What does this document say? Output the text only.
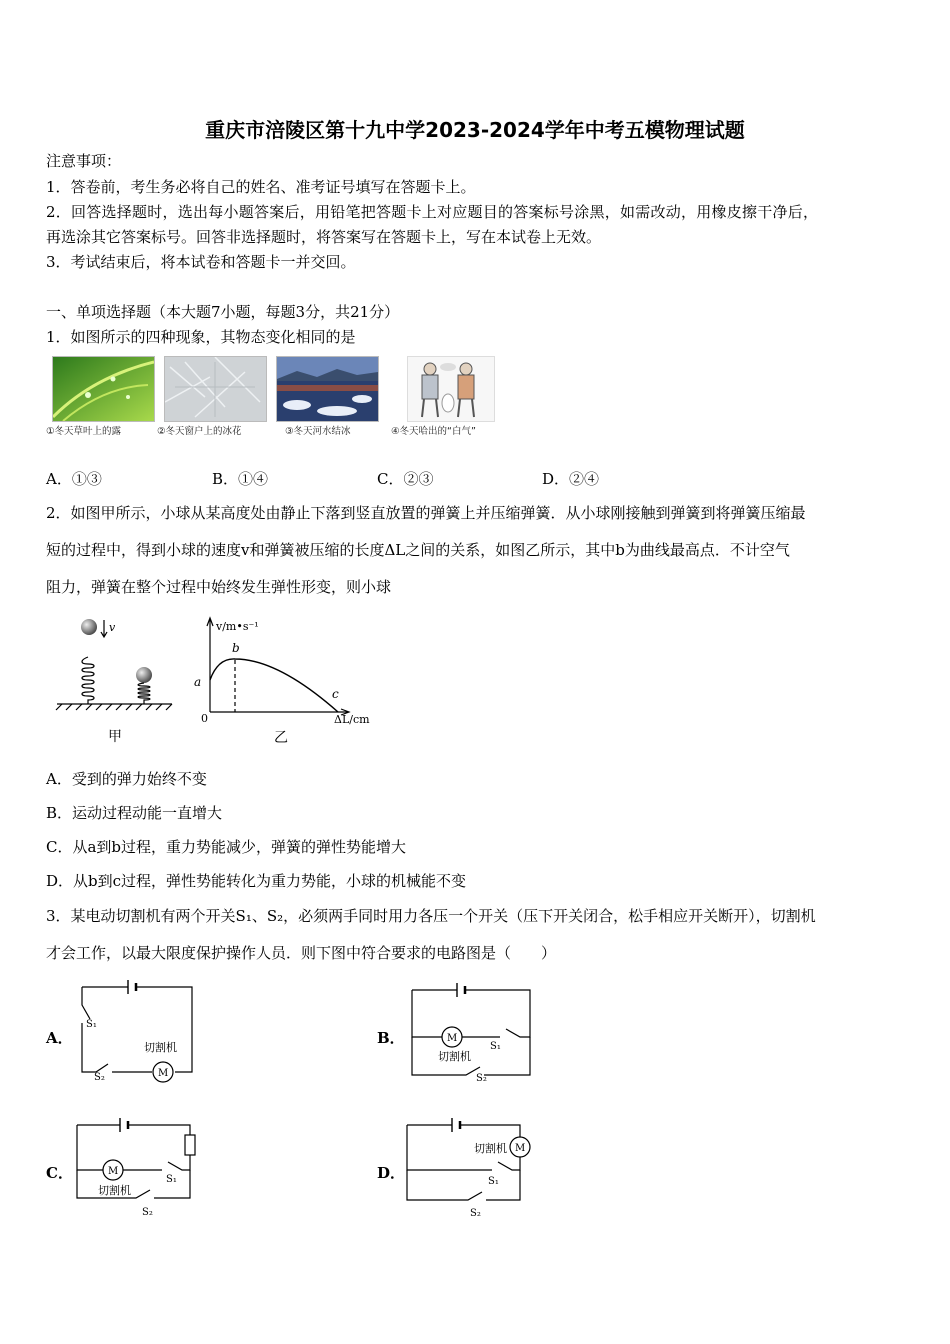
重庆市涪陵区第十九中学2023-2024学年中考五模物理试题
注意事项：
1．答卷前，考生务必将自己的姓名、准考证号填写在答题卡上。
2．回答选择题时，选出每小题答案后，用铅笔把答题卡上对应题目的答案标号涂黑，如需改动，用橡皮擦干净后，
再选涂其它答案标号。回答非选择题时，将答案写在答题卡上，写在本试卷上无效。
3．考试结束后，将本试卷和答题卡一并交回。
一、单项选择题（本大题7小题，每题3分，共21分）
1．如图所示的四种现象，其物态变化相同的是
①冬天草叶上的露	②冬天窗户上的冰花	③冬天河水结冰	④冬天哈出的“白气”
A．①③	B．①④	C．②③	D．②④
2．如图甲所示，小球从某高度处由静止下落到竖直放置的弹簧上并压缩弹簧．从小球刚接触到弹簧到将弹簧压缩最
短的过程中，得到小球的速度v和弹簧被压缩的长度ΔL之间的关系，如图乙所示，其中b为曲线最高点．不计空气
阻力，弹簧在整个过程中始终发生弹性形变，则小球
v
甲
v/m•s⁻¹
ΔL/cm
0
a
b
c
乙
A．受到的弹力始终不变
B．运动过程动能一直增大
C．从a到b过程，重力势能减少，弹簧的弹性势能增大
D．从b到c过程，弹性势能转化为重力势能，小球的机械能不变
3．某电动切割机有两个开关S₁、S₂，必须两手同时用力各压一个开关（压下开关闭合，松手相应开关断开），切割机
才会工作，以最大限度保护操作人员．则下图中符合要求的电路图是（　　）
A．
S₁
S₂	M
切割机
B．	M
切割机
S₁
S₂
C．	M
切割机
S₁
S₂
D．
M
切割机
S₁
S₂
